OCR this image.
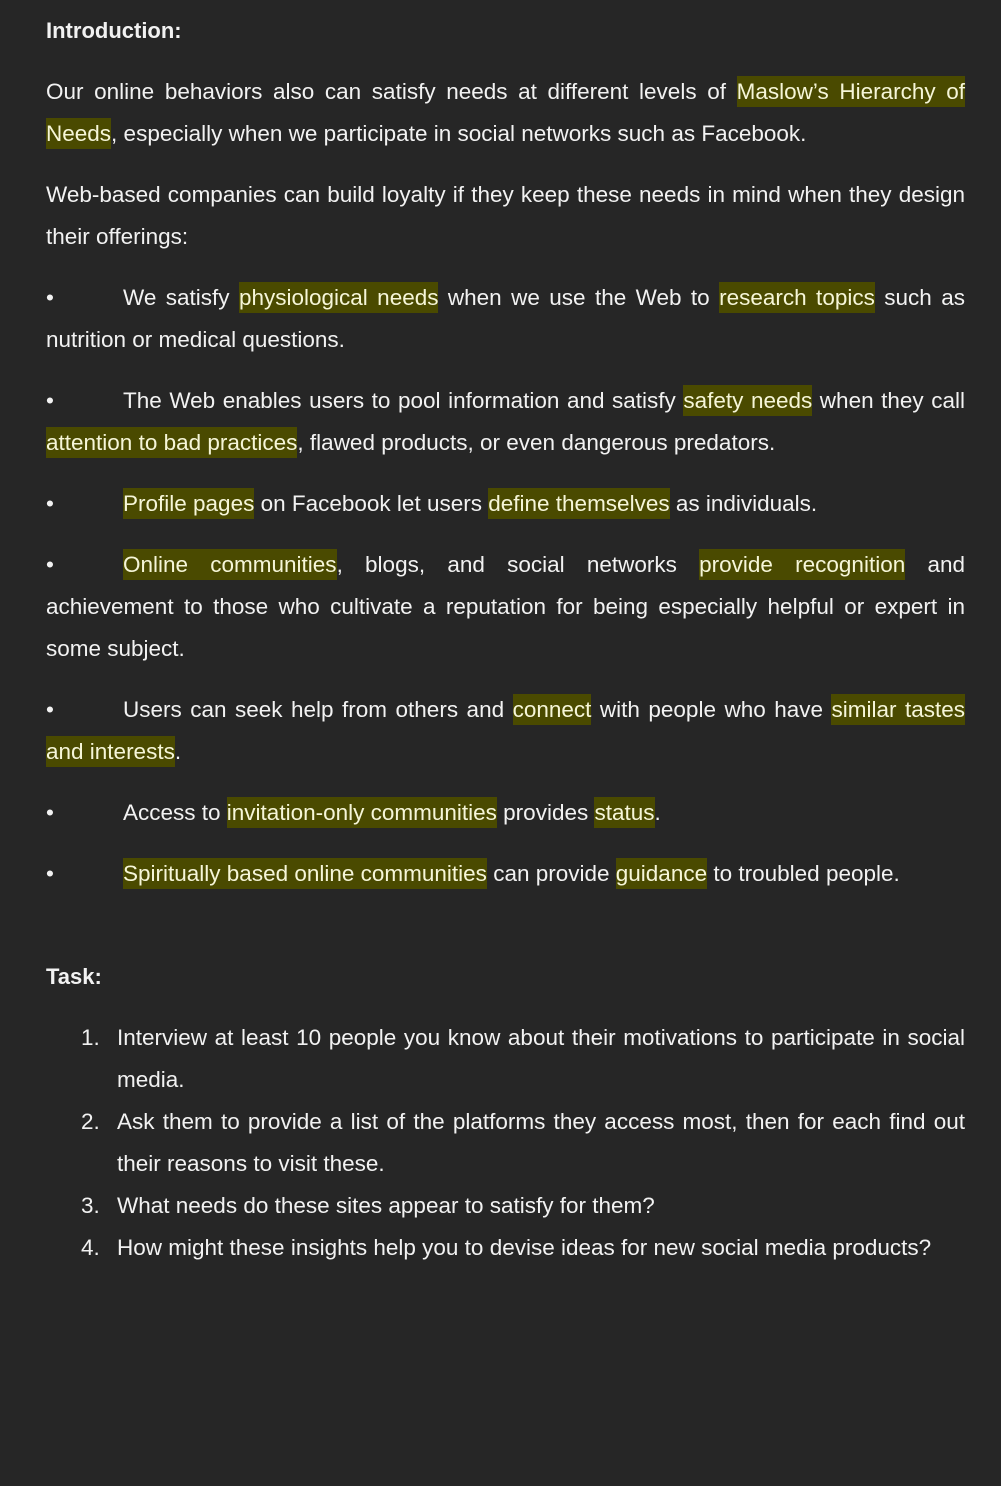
Introduction:

Our online behaviors also can satisfy needs at different levels of Maslow’s Hierarchy of Needs, especially when we participate in social networks such as Facebook.

Web-based companies can build loyalty if they keep these needs in mind when they design their offerings:

•	We satisfy physiological needs when we use the Web to research topics such as nutrition or medical questions.

•	The Web enables users to pool information and satisfy safety needs when they call attention to bad practices, flawed products, or even dangerous predators.

•	Profile pages on Facebook let users define themselves as individuals.

•	Online communities, blogs, and social networks provide recognition and achievement to those who cultivate a reputation for being especially helpful or expert in some subject.

•	Users can seek help from others and connect with people who have similar tastes and interests.

•	Access to invitation-only communities provides status.

•	Spiritually based online communities can provide guidance to troubled people.

Task:

1. Interview at least 10 people you know about their motivations to participate in social media.
2. Ask them to provide a list of the platforms they access most, then for each find out their reasons to visit these.
3. What needs do these sites appear to satisfy for them?
4. How might these insights help you to devise ideas for new social media products?
